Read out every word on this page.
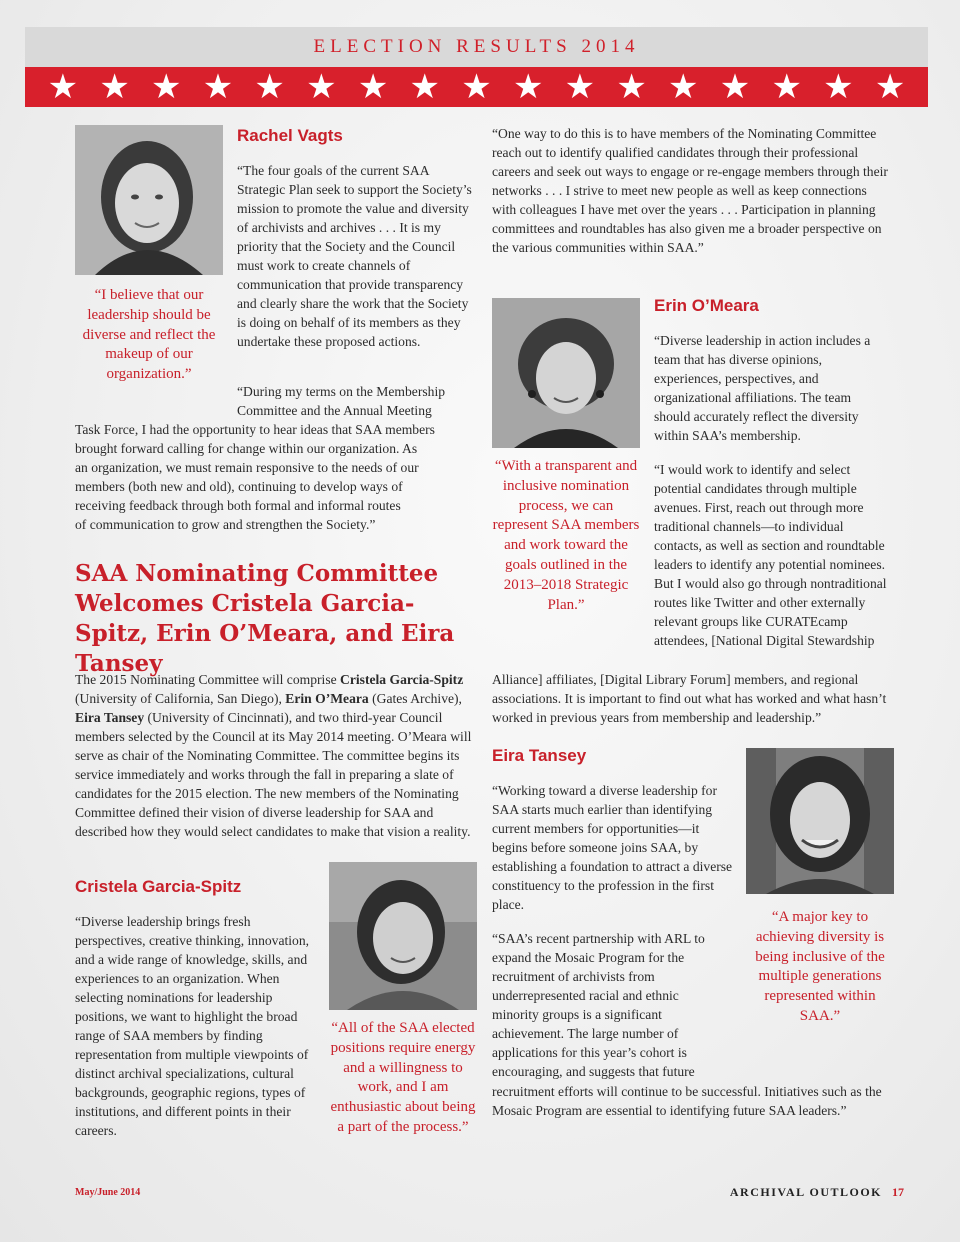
ELECTION RESULTS 2014
★ ★ ★ ★ ★ ★ ★ ★ ★ ★ ★ ★ ★ ★ ★ ★ ★
Rachel Vagts

“The four goals of the current SAA Strategic Plan seek to support the Society’s mission to promote the value and diversity of archivists and archives . . . It is my priority that the Society and the Council must work to create channels of communication that provide transparency and clearly share the work that the Society is doing on behalf of its members as they undertake these proposed actions.

“During my terms on the Membership
Committee and the Annual Meeting
Task Force, I had the opportunity to hear ideas that SAA members
brought forward calling for change within our organization. As
an organization, we must remain responsive to the needs of our
members (both new and old), continuing to develop ways of
receiving feedback through both formal and informal routes
of communication to grow and strengthen the Society.”
“I believe that our leadership should be diverse and reflect the makeup of our organization.”
SAA Nominating Committee Welcomes Cristela Garcia-Spitz, Erin O’Meara, and Eira Tansey

The 2015 Nominating Committee will comprise Cristela Garcia-Spitz (University of California, San Diego), Erin O’Meara (Gates Archive), Eira Tansey (University of Cincinnati), and two third-year Council members selected by the Council at its May 2014 meeting. O’Meara will serve as chair of the Nominating Committee. The committee begins its service immediately and works through the fall in preparing a slate of candidates for the 2015 election. The new members of the Nominating Committee defined their vision of diverse leadership for SAA and described how they would select candidates to make that vision a reality.

Cristela Garcia-Spitz

“Diverse leadership brings fresh perspectives, creative thinking, innovation, and a wide range of knowledge, skills, and experiences to an organization. When selecting nominations for leadership positions, we want to highlight the broad range of SAA members by finding representation from multiple viewpoints of distinct archival specializations, cultural backgrounds, geographic regions, types of institutions, and different points in their careers.

“All of the SAA elected positions require energy and a willingness to work, and I am enthusiastic about being a part of the process.”

“One way to do this is to have members of the Nominating Committee reach out to identify qualified candidates through their professional careers and seek out ways to engage or re-engage members through their networks . . . I strive to meet new people as well as keep connections with colleagues I have met over the years . . . Participation in planning committees and roundtables has also given me a broader perspective on the various communities within SAA.”

Erin O’Meara

“Diverse leadership in action includes a team that has diverse opinions, experiences, perspectives, and organizational affiliations. The team should accurately reflect the diversity within SAA’s membership.

“I would work to identify and select potential candidates through multiple avenues. First, reach out through more traditional channels—to individual contacts, as well as section and roundtable leaders to identify any potential nominees. But I would also go through nontraditional routes like Twitter and other externally relevant groups like CURATEcamp attendees, [National Digital Stewardship

Alliance] affiliates, [Digital Library Forum] members, and regional associations. It is important to find out what has worked and what hasn’t worked in previous years from membership and leadership.”

“With a transparent and inclusive nomination process, we can represent SAA members and work toward the goals outlined in the 2013–2018 Strategic Plan.”
Eira Tansey

“Working toward a diverse leadership for SAA starts much earlier than identifying current members for opportunities—it begins before someone joins SAA, by establishing a foundation to attract a diverse constituency to the profession in the first place.

“SAA’s recent partnership with ARL to expand the Mosaic Program for the recruitment of archivists from underrepresented racial and ethnic minority groups is a significant achievement. The large number of applications for this year’s cohort is encouraging, and suggests that future

recruitment efforts will continue to be successful. Initiatives such as the Mosaic Program are essential to identifying future SAA leaders.”

“A major key to achieving diversity is being inclusive of the multiple generations represented within SAA.”
May/June 2014	ARCHIVAL OUTLOOK 17
